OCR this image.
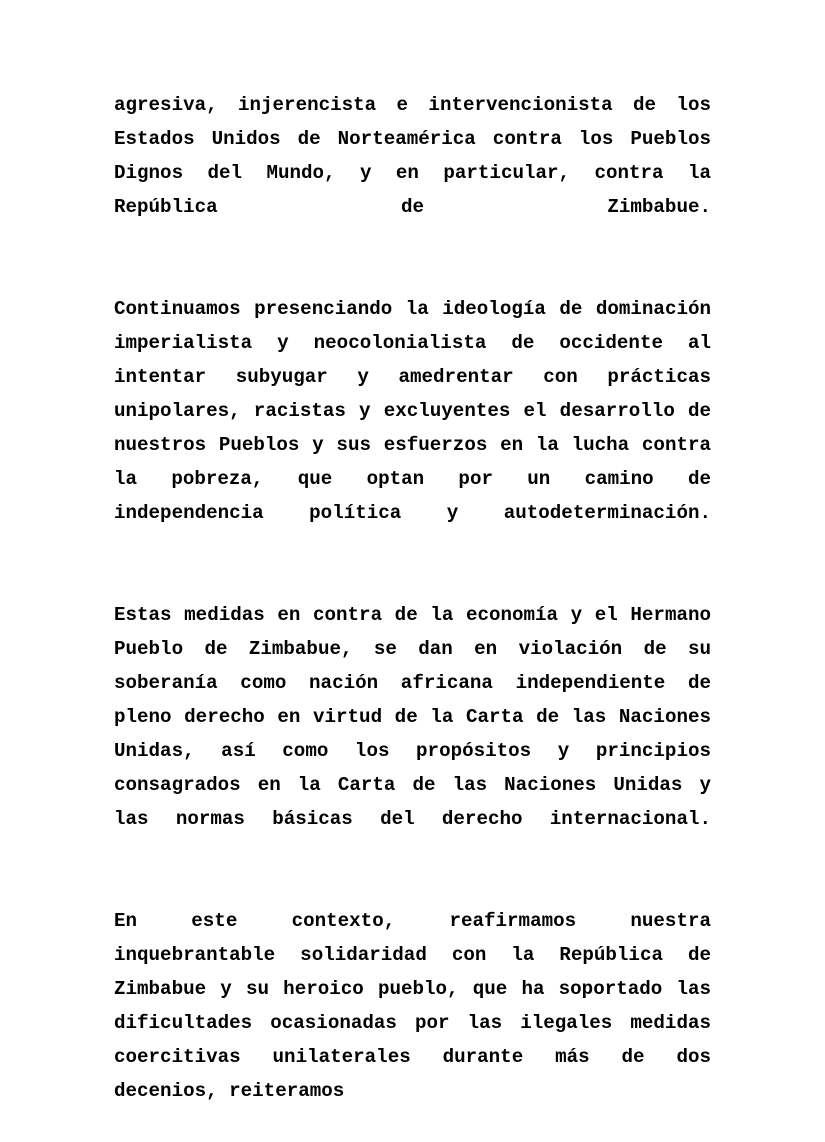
agresiva, injerencista e intervencionista de los Estados Unidos de Norteamérica contra los Pueblos Dignos del Mundo, y en particular, contra la República de Zimbabue.

Continuamos presenciando la ideología de dominación imperialista y neocolonialista de occidente al intentar subyugar y amedrentar con prácticas unipolares, racistas y excluyentes el desarrollo de nuestros Pueblos y sus esfuerzos en la lucha contra la pobreza, que optan por un camino de independencia política y autodeterminación.

Estas medidas en contra de la economía y el Hermano Pueblo de Zimbabue, se dan en violación de su soberanía como nación africana independiente de pleno derecho en virtud de la Carta de las Naciones Unidas, así como los propósitos y principios consagrados en la Carta de las Naciones Unidas y las normas básicas del derecho internacional.

En este contexto, reafirmamos nuestra inquebrantable solidaridad con la República de Zimbabue y su heroico pueblo, que ha soportado las dificultades ocasionadas por las ilegales medidas coercitivas unilaterales durante más de dos decenios, reiteramos
